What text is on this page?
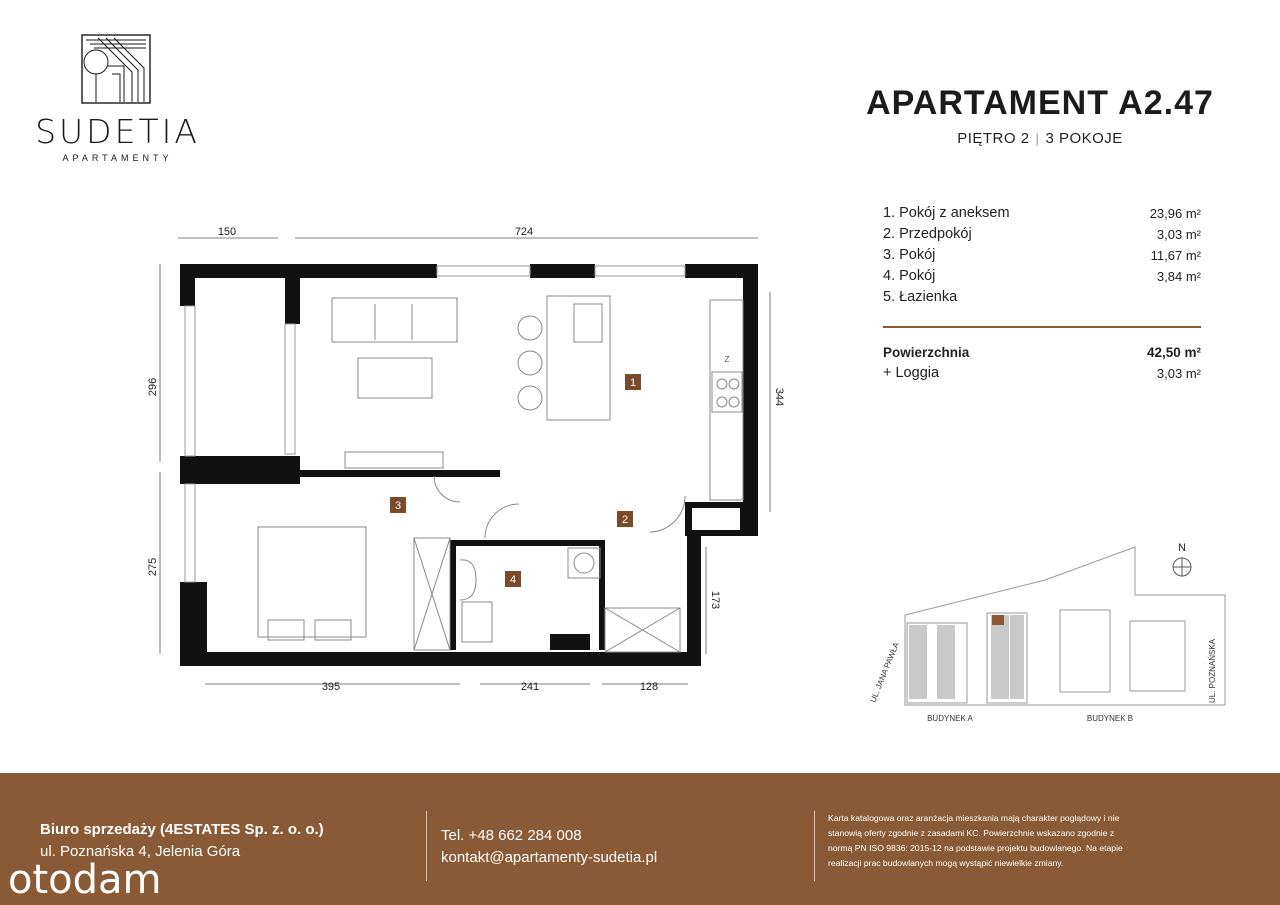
SUDETIA
APARTAMENTY
APARTAMENT A2.47
PIĘTRO 2 | 3 POKOJE
1. Pokój z aneksem	23,96 m²
2. Przedpokój	3,03 m²
3. Pokój	11,67 m²
4. Pokój	3,84 m²
5. Łazienka
Powierzchnia	42,50 m²
+ Loggia	3,03 m²
150	724
296
275
344
395	241	128
173
Z
1
2
3
4
N
UL. JANA PAWŁA	UL. POZNAŃSKA
BUDYNEK A	BUDYNEK B
Biuro sprzedaży (4ESTATES Sp. z. o. o.)
ul. Poznańska 4, Jelenia Góra
Tel. +48 662 284 008
kontakt@apartamenty-sudetia.pl
Karta katalogowa oraz aranżacja mieszkania mają charakter poglądowy i nie
stanowią oferty zgodnie z zasadami KC. Powierzchnie wskazano zgodnie z
normą PN ISO 9836: 2015-12 na podstawie projektu budowlanego. Na etapie
realizacji prac budowlanych mogą wystąpić niewielkie zmiany.
otodam
